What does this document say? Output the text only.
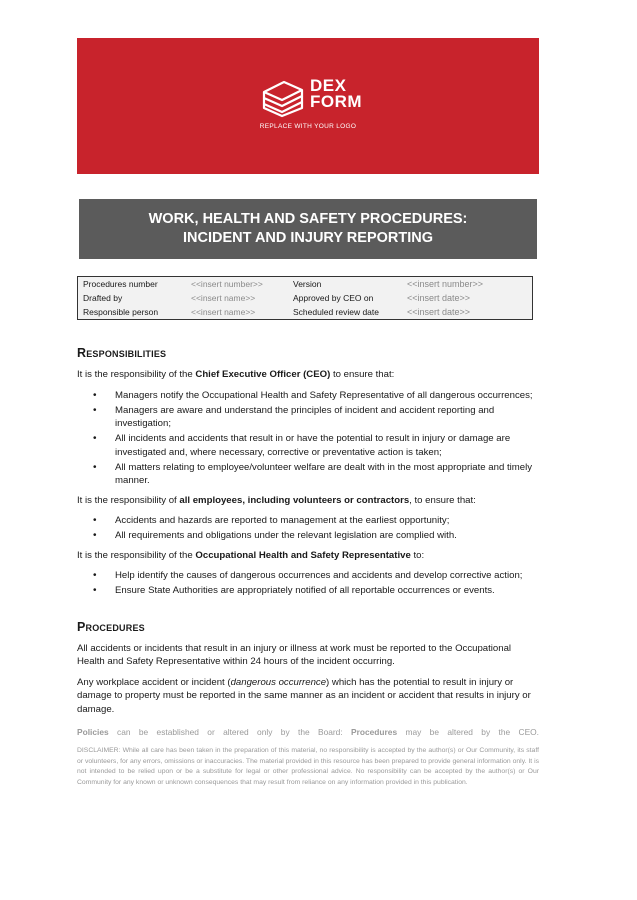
DEX
FORM
REPLACE WITH YOUR LOGO
WORK, HEALTH AND SAFETY PROCEDURES:
INCIDENT AND INJURY REPORTING
Procedures number	<<insert number>>	Version	<<insert number>>
Drafted by	<<insert name>>	Approved by CEO on	<<insert date>>
Responsible person	<<insert name>>	Scheduled review date	<<insert date>>
Responsibilities

It is the responsibility of the Chief Executive Officer (CEO) to ensure that:

• Managers notify the Occupational Health and Safety Representative of all dangerous occurrences;
• Managers are aware and understand the principles of incident and accident reporting and investigation;
• All incidents and accidents that result in or have the potential to result in injury or damage are investigated and, where necessary, corrective or preventative action is taken;
• All matters relating to employee/volunteer welfare are dealt with in the most appropriate and timely manner.

It is the responsibility of all employees, including volunteers or contractors, to ensure that:

• Accidents and hazards are reported to management at the earliest opportunity;
• All requirements and obligations under the relevant legislation are complied with.

It is the responsibility of the Occupational Health and Safety Representative to:

• Help identify the causes of dangerous occurrences and accidents and develop corrective action;
• Ensure State Authorities are appropriately notified of all reportable occurrences or events.
Procedures

All accidents or incidents that result in an injury or illness at work must be reported to the Occupational Health and Safety Representative within 24 hours of the incident occurring.

Any workplace accident or incident (dangerous occurrence) which has the potential to result in injury or damage to property must be reported in the same manner as an incident or accident that results in injury or damage.

Policies can be established or altered only by the Board: Procedures may be altered by the CEO.
DISCLAIMER: While all care has been taken in the preparation of this material, no responsibility is accepted by the author(s) or Our Community, its staff or volunteers, for any errors, omissions or inaccuracies. The material provided in this resource has been prepared to provide general information only. It is not intended to be relied upon or be a substitute for legal or other professional advice. No responsibility can be accepted by the author(s) or Our Community for any known or unknown consequences that may result from reliance on any information provided in this publication.
